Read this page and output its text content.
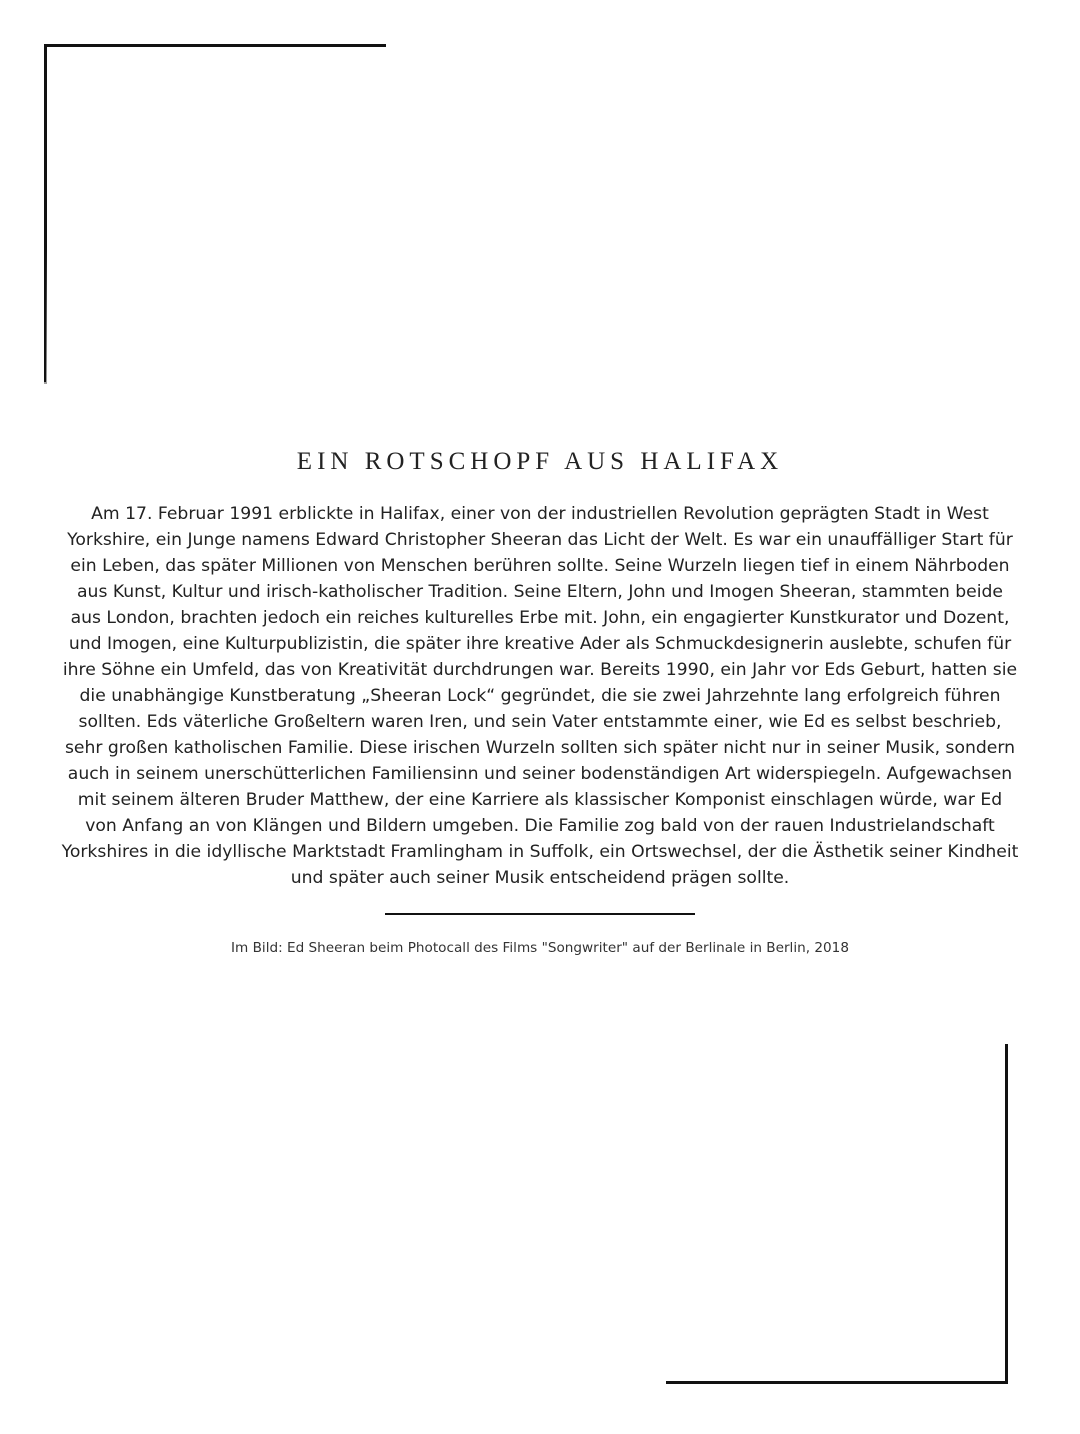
EIN ROTSCHOPF AUS HALIFAX

Am 17. Februar 1991 erblickte in Halifax, einer von der industriellen Revolution geprägten Stadt in West Yorkshire, ein Junge namens Edward Christopher Sheeran das Licht der Welt. Es war ein unauffälliger Start für ein Leben, das später Millionen von Menschen berühren sollte. Seine Wurzeln liegen tief in einem Nährboden aus Kunst, Kultur und irisch-katholischer Tradition. Seine Eltern, John und Imogen Sheeran, stammten beide aus London, brachten jedoch ein reiches kulturelles Erbe mit. John, ein engagierter Kunstkurator und Dozent, und Imogen, eine Kulturpublizistin, die später ihre kreative Ader als Schmuckdesignerin auslebte, schufen für ihre Söhne ein Umfeld, das von Kreativität durchdrungen war. Bereits 1990, ein Jahr vor Eds Geburt, hatten sie die unabhängige Kunstberatung „Sheeran Lock“ gegründet, die sie zwei Jahrzehnte lang erfolgreich führen sollten. Eds väterliche Großeltern waren Iren, und sein Vater entstammte einer, wie Ed es selbst beschrieb, sehr großen katholischen Familie. Diese irischen Wurzeln sollten sich später nicht nur in seiner Musik, sondern auch in seinem unerschütterlichen Familiensinn und seiner bodenständigen Art widerspiegeln. Aufgewachsen mit seinem älteren Bruder Matthew, der eine Karriere als klassischer Komponist einschlagen würde, war Ed von Anfang an von Klängen und Bildern umgeben. Die Familie zog bald von der rauen Industrielandschaft Yorkshires in die idyllische Marktstadt Framlingham in Suffolk, ein Ortswechsel, der die Ästhetik seiner Kindheit und später auch seiner Musik entscheidend prägen sollte.

Im Bild: Ed Sheeran beim Photocall des Films "Songwriter" auf der Berlinale in Berlin, 2018
